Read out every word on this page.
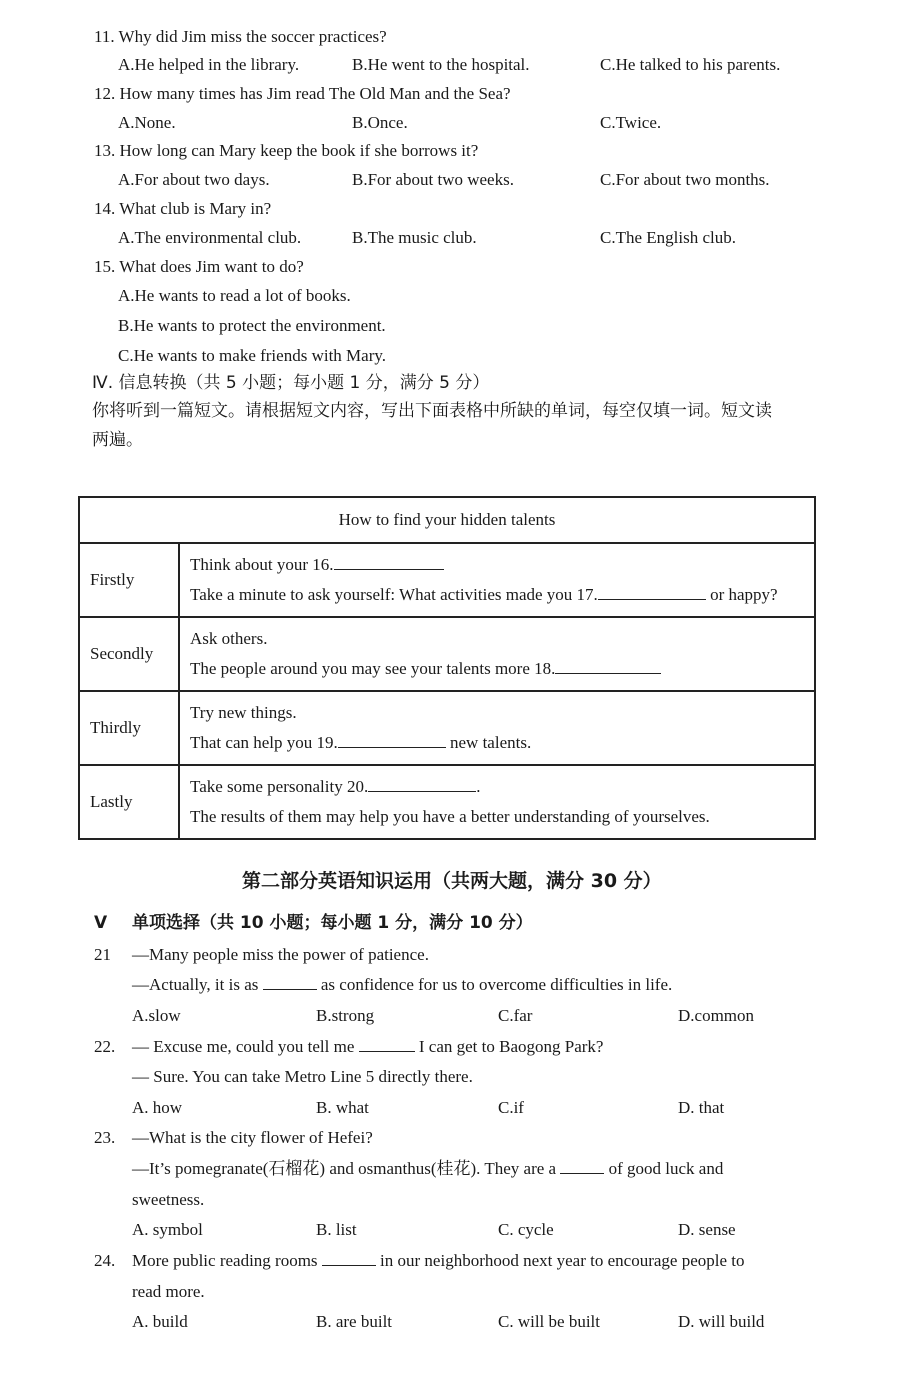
11. Why did Jim miss the soccer practices?
A.He helped in the library.	B.He went to the hospital.	C.He talked to his parents.
12. How many times has Jim read The Old Man and the Sea?
A.None.	B.Once.	C.Twice.
13. How long can Mary keep the book if she borrows it?
A.For about two days.	B.For about two weeks.	C.For about two months.
14. What club is Mary in?
A.The environmental club.	B.The music club.	C.The English club.
15. What does Jim want to do?
A.He wants to read a lot of books.
B.He wants to protect the environment.
C.He wants to make friends with Mary.
Ⅳ. 信息转换（共 5 小题；每小题 1 分，满分 5 分）
你将听到一篇短文。请根据短文内容，写出下面表格中所缺的单词，每空仅填一词。短文读
两遍。
How to find your hidden talents	
Firstly	Think about your 16.
Take a minute to ask yourself: What activities made you 17. or happy?

Secondly	Ask others.
The people around you may see your talents more 18.

Thirdly	Try new things.
That can help you 19. new talents.

Lastly	Take some personality 20. .
The results of them may help you have a better understanding of yourselves.
第二部分英语知识运用（共两大题，满分 30 分）
V 单项选择（共 10 小题；每小题 1 分，满分 10 分）
21 —Many people miss the power of patience.
—Actually, it is as	as confidence for us to overcome difficulties in life.
A.slow	B.strong	C.far	D.common
22. — Excuse me, could you tell me	I can get to Baogong Park?
— Sure. You can take Metro Line 5 directly there.
A. how	B. what	C.if	D. that
23. —What is the city flower of Hefei?
—It’s pomegranate(石榴花) and osmanthus(桂花). They are a	of good luck and
sweetness.
A. symbol	B. list	C. cycle	D. sense
24. More public reading rooms	in our neighborhood next year to encourage people to
read more.
A. build	B. are built	C. will be built	D. will build
